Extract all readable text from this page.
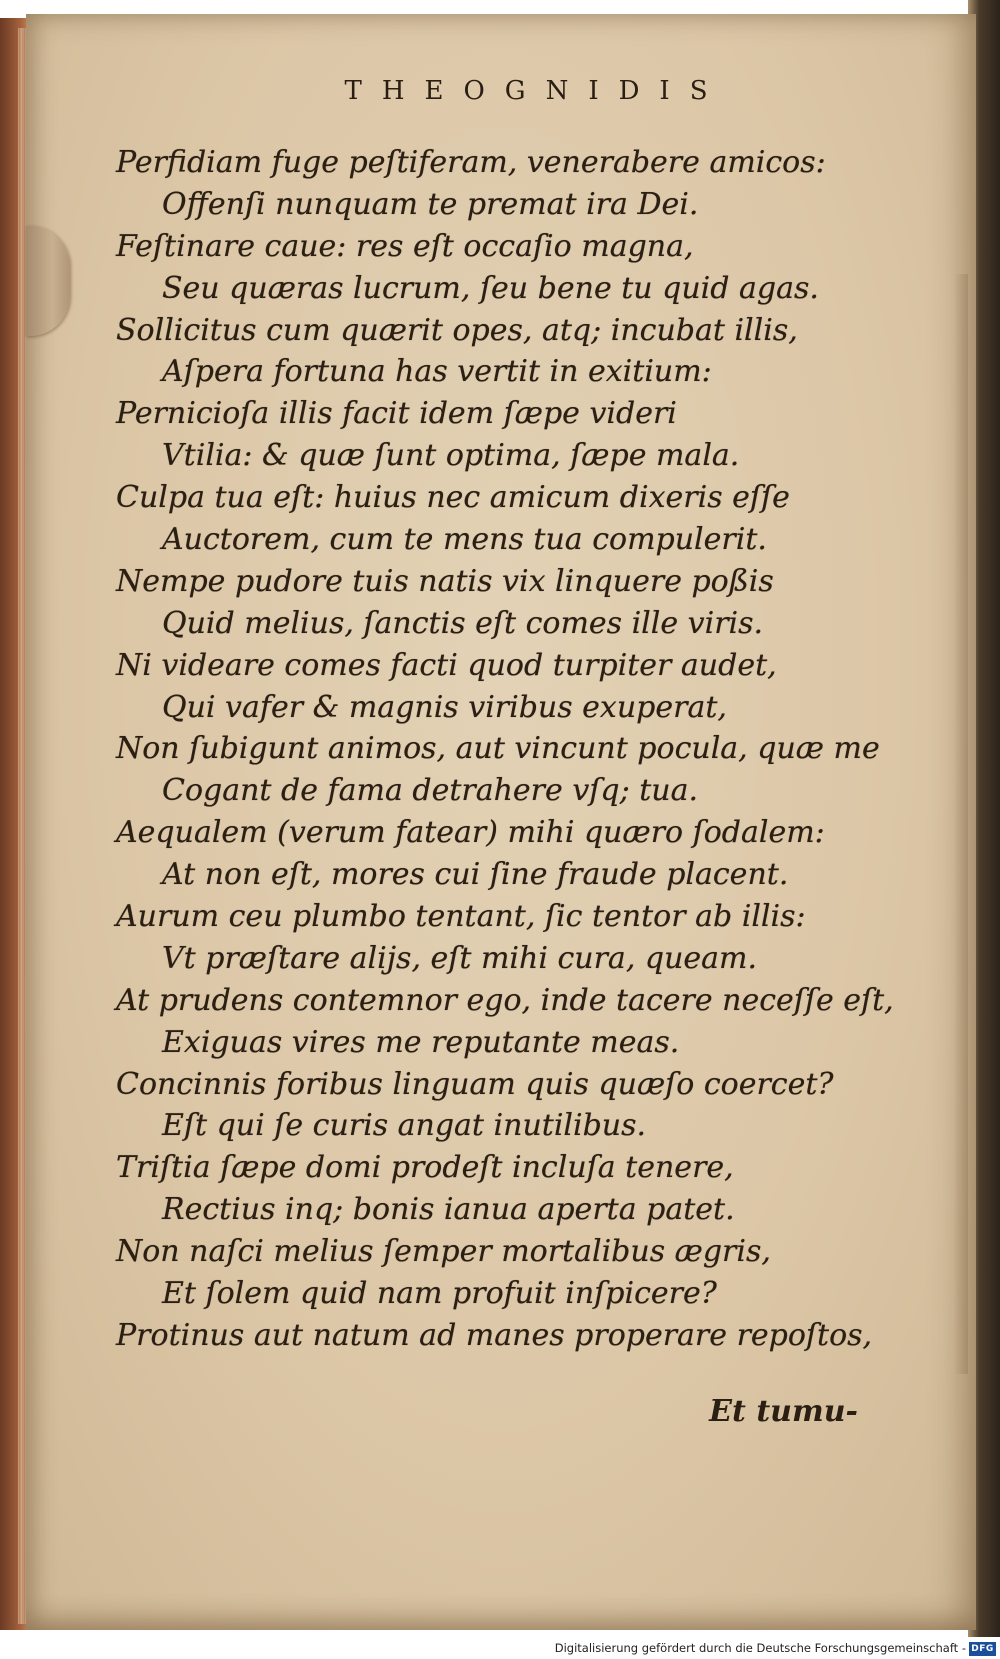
THEOGNIDIS
Perfidiam fuge peſtiferam, venerabere amicos:
Offenſi nunquam te premat ira Dei.
Feſtinare caue: res eſt occaſio magna,
Seu quæras lucrum, ſeu bene tu quid agas.
Sollicitus cum quærit opes, atq; incubat illis,
Aſpera fortuna has vertit in exitium:
Pernicioſa illis facit idem ſæpe videri
Vtilia: & quæ ſunt optima, ſæpe mala.
Culpa tua eſt: huius nec amicum dixeris eſſe
Auctorem, cum te mens tua compulerit.
Nempe pudore tuis natis vix linquere poßis
Quid melius, ſanctis eſt comes ille viris.
Ni videare comes facti quod turpiter audet,
Qui vafer & magnis viribus exuperat,
Non ſubigunt animos, aut vincunt pocula, quæ me
Cogant de fama detrahere vſq; tua.
Aequalem (verum fatear) mihi quæro ſodalem:
At non eſt, mores cui ſine fraude placent.
Aurum ceu plumbo tentant, ſic tentor ab illis:
Vt præſtare alijs, eſt mihi cura, queam.
At prudens contemnor ego, inde tacere neceſſe eſt,
Exiguas vires me reputante meas.
Concinnis foribus linguam quis quæſo coercet?
Eſt qui ſe curis angat inutilibus.
Triſtia ſæpe domi prodeſt incluſa tenere,
Rectius inq; bonis ianua aperta patet.
Non naſci melius ſemper mortalibus ægris,
Et ſolem quid nam profuit inſpicere?
Protinus aut natum ad manes properare repoſtos,
Et tumu-
Digitalisierung gefördert durch die Deutsche Forschungsgemeinschaft - DFG
